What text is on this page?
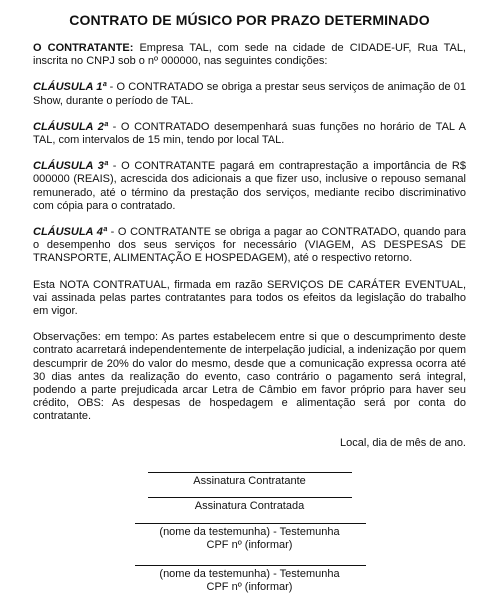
CONTRATO DE MÚSICO POR PRAZO DETERMINADO

O CONTRATANTE: Empresa TAL, com sede na cidade de CIDADE-UF, Rua TAL, inscrita no CNPJ sob o nº 000000, nas seguintes condições:

CLÁUSULA 1ª - O CONTRATADO se obriga a prestar seus serviços de animação de 01 Show, durante o período de TAL.

CLÁUSULA 2ª - O CONTRATADO desempenhará suas funções no horário de TAL A TAL, com intervalos de 15 min, tendo por local TAL.

CLÁUSULA 3ª - O CONTRATANTE pagará em contraprestação a importância de R$ 000000 (REAIS), acrescida dos adicionais a que fizer uso, inclusive o repouso semanal remunerado, até o término da prestação dos serviços, mediante recibo discriminativo com cópia para o contratado.

CLÁUSULA 4ª - O CONTRATANTE se obriga a pagar ao CONTRATADO, quando para o desempenho dos seus serviços for necessário (VIAGEM, AS DESPESAS DE TRANSPORTE, ALIMENTAÇÃO E HOSPEDAGEM), até o respectivo retorno.

Esta NOTA CONTRATUAL, firmada em razão SERVIÇOS DE CARÁTER EVENTUAL, vai assinada pelas partes contratantes para todos os efeitos da legislação do trabalho em vigor.

Observações: em tempo: As partes estabelecem entre si que o descumprimento deste contrato acarretará independentemente de interpelação judicial, a indenização por quem descumprir de 20% do valor do mesmo, desde que a comunicação expressa ocorra até 30 dias antes da realização do evento, caso contrário o pagamento será integral, podendo a parte prejudicada arcar Letra de Câmbio em favor próprio para haver seu crédito, OBS: As despesas de hospedagem e alimentação será por conta do contratante.

Local, dia de mês de ano.

Assinatura Contratante
Assinatura Contratada
(nome da testemunha) - Testemunha
CPF nº (informar)
(nome da testemunha) - Testemunha
CPF nº (informar)
